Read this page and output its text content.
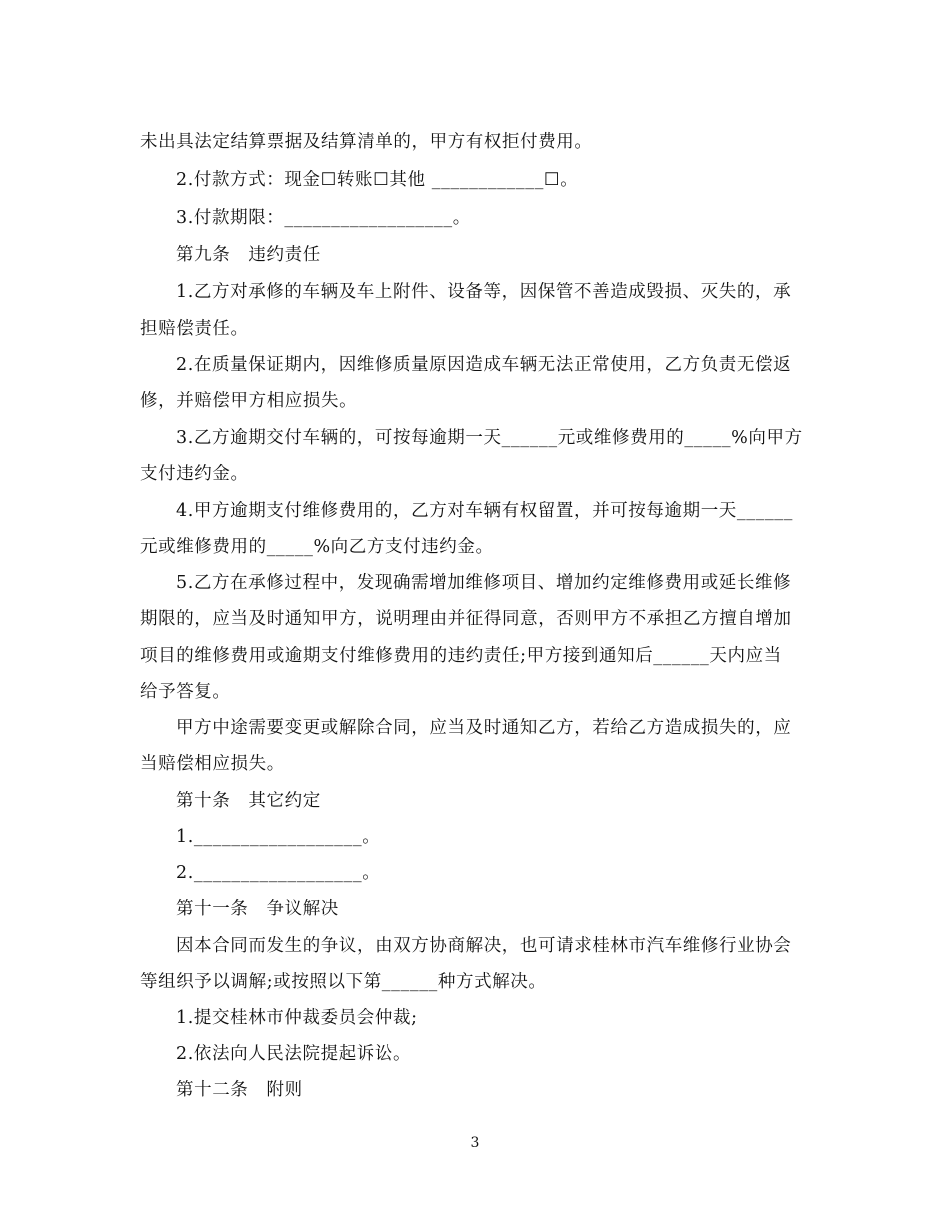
未出具法定结算票据及结算清单的，甲方有权拒付费用。
2.付款方式：现金☐转账☐其他 ____________☐。
3.付款期限：__________________。
第九条　违约责任
1.乙方对承修的车辆及车上附件、设备等，因保管不善造成毁损、灭失的，承
担赔偿责任。
2.在质量保证期内，因维修质量原因造成车辆无法正常使用，乙方负责无偿返
修，并赔偿甲方相应损失。
3.乙方逾期交付车辆的，可按每逾期一天______元或维修费用的_____%向甲方
支付违约金。
4.甲方逾期支付维修费用的，乙方对车辆有权留置，并可按每逾期一天______
元或维修费用的_____%向乙方支付违约金。
5.乙方在承修过程中，发现确需增加维修项目、增加约定维修费用或延长维修
期限的，应当及时通知甲方，说明理由并征得同意，否则甲方不承担乙方擅自增加
项目的维修费用或逾期支付维修费用的违约责任;甲方接到通知后______天内应当
给予答复。
甲方中途需要变更或解除合同，应当及时通知乙方，若给乙方造成损失的，应
当赔偿相应损失。
第十条　其它约定
1.__________________。
2.__________________。
第十一条　争议解决
因本合同而发生的争议，由双方协商解决，也可请求桂林市汽车维修行业协会
等组织予以调解;或按照以下第______种方式解决。
1.提交桂林市仲裁委员会仲裁;
2.依法向人民法院提起诉讼。
第十二条　附则
3
